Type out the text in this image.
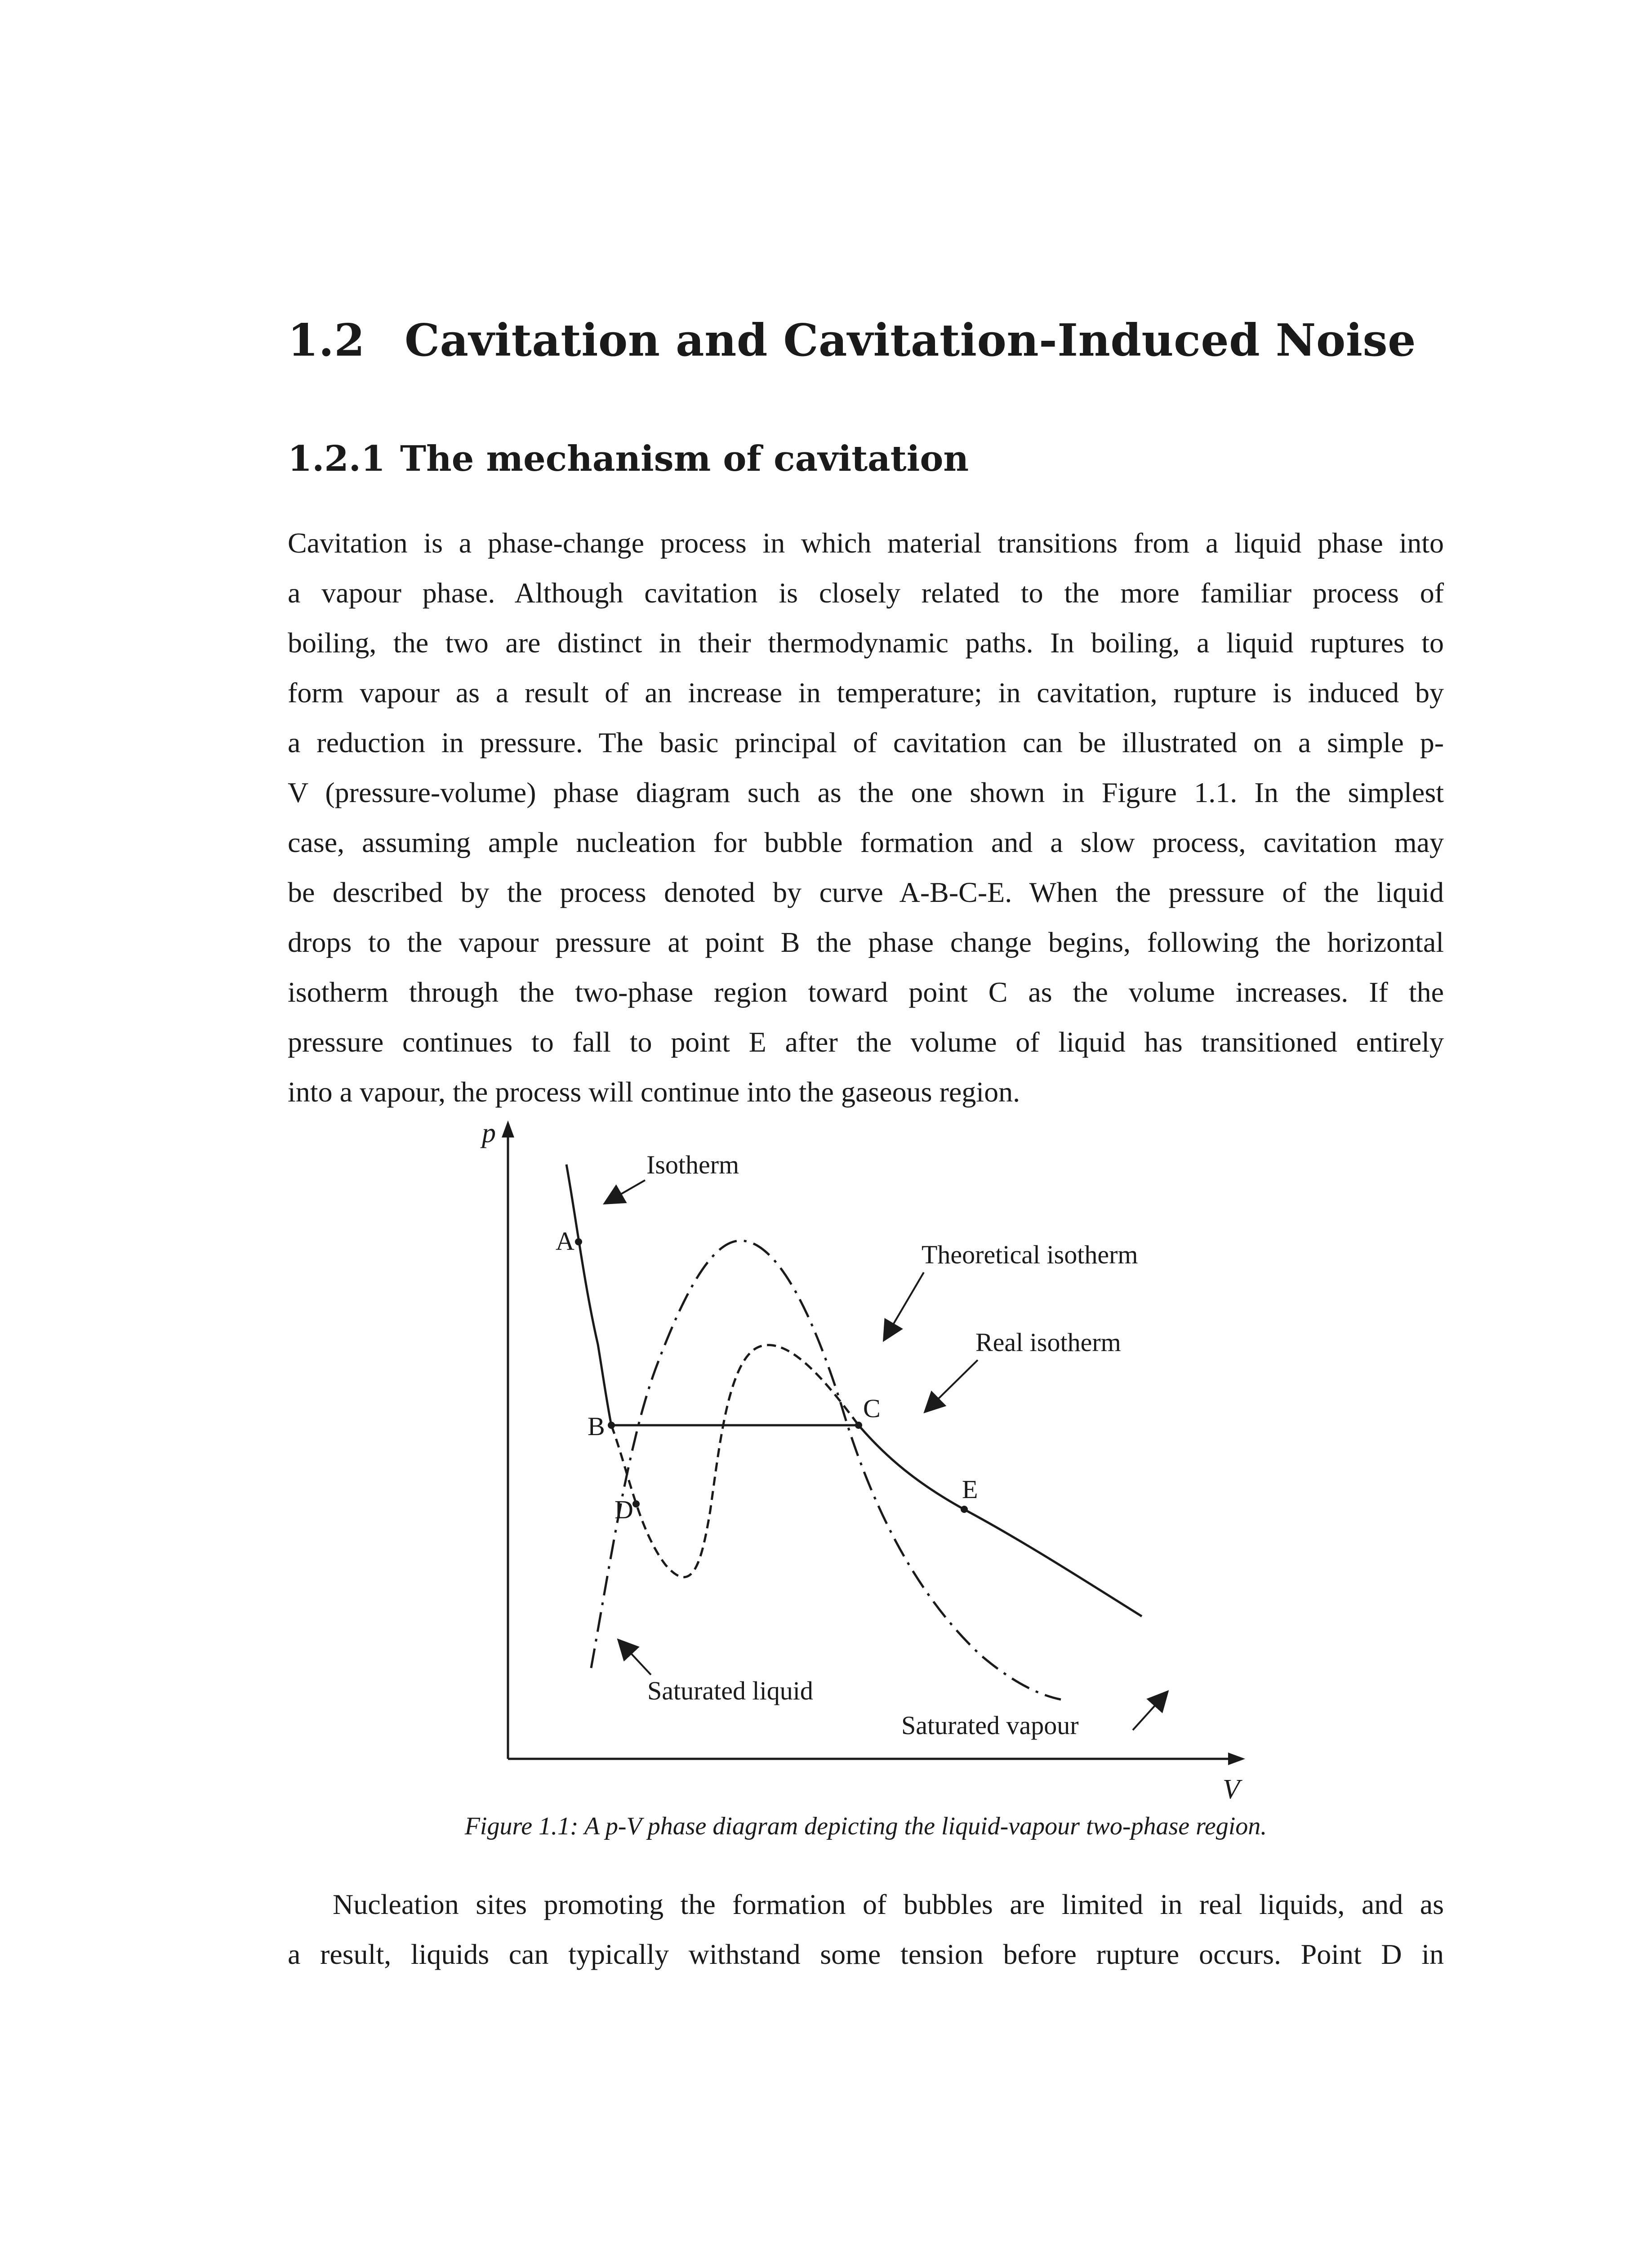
1.2 Cavitation and Cavitation-Induced Noise
1.2.1 The mechanism of cavitation
Cavitation is a phase-change process in which material transitions from a liquid phase into
a vapour phase. Although cavitation is closely related to the more familiar process of
boiling, the two are distinct in their thermodynamic paths. In boiling, a liquid ruptures to
form vapour as a result of an increase in temperature; in cavitation, rupture is induced by
a reduction in pressure. The basic principal of cavitation can be illustrated on a simple p-
V (pressure-volume) phase diagram such as the one shown in Figure 1.1. In the simplest
case, assuming ample nucleation for bubble formation and a slow process, cavitation may
be described by the process denoted by curve A-B-C-E. When the pressure of the liquid
drops to the vapour pressure at point B the phase change begins, following the horizontal
isotherm through the two-phase region toward point C as the volume increases. If the
pressure continues to fall to point E after the volume of liquid has transitioned entirely
into a vapour, the process will continue into the gaseous region.
p
V
A
B
C
D
E
Isotherm
Theoretical isotherm
Real isotherm
Saturated liquid
Saturated vapour

Figure 1.1: A p-V phase diagram depicting the liquid-vapour two-phase region.

Nucleation sites promoting the formation of bubbles are limited in real liquids, and as
a result, liquids can typically withstand some tension before rupture occurs. Point D in
